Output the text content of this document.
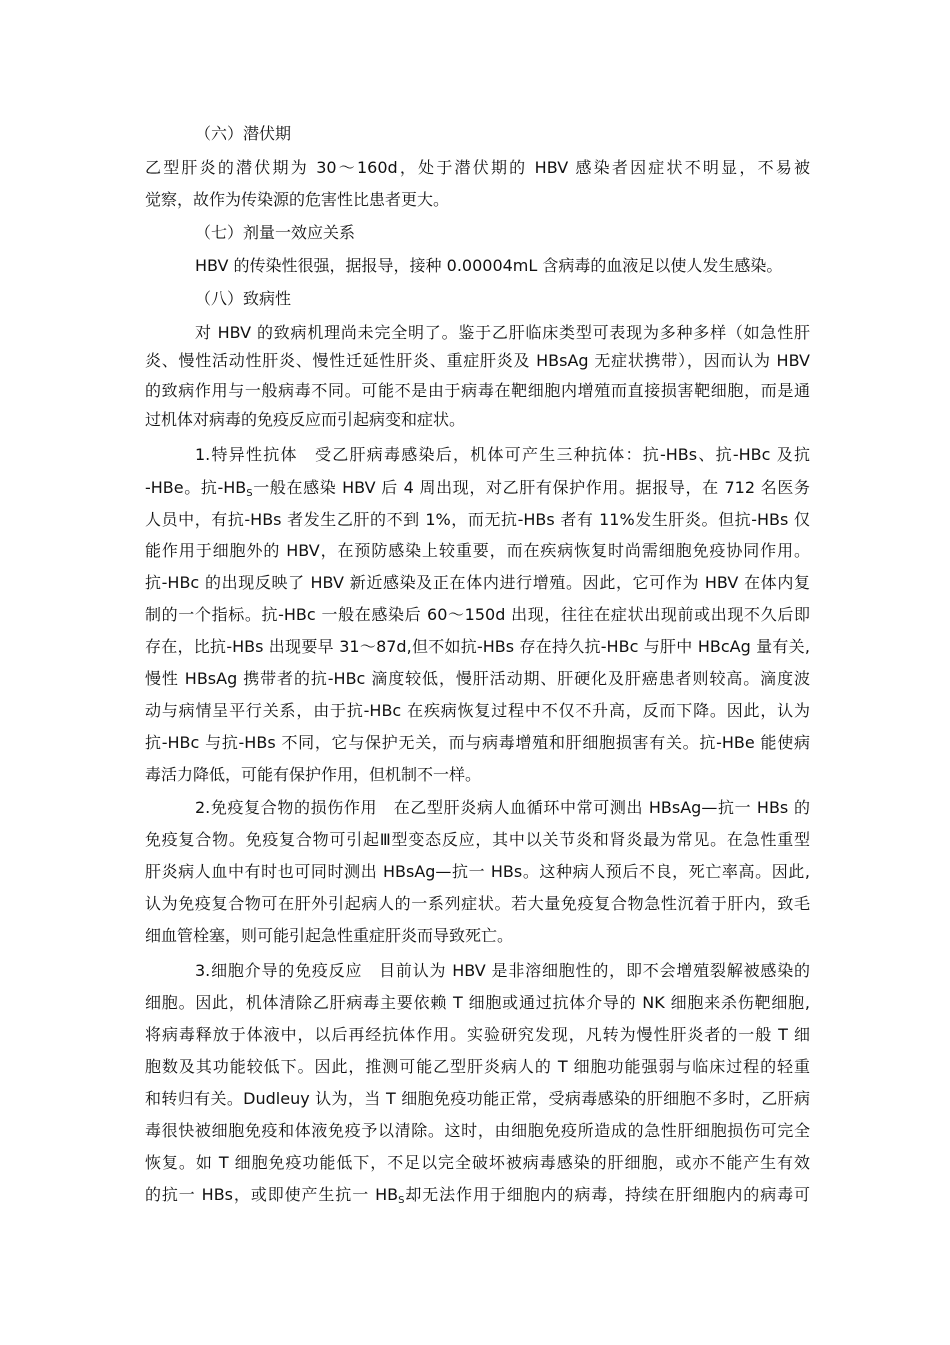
（六）潜伏期
乙型肝炎的潜伏期为 30～160d，处于潜伏期的 HBV 感染者因症状不明显，不易被
觉察，故作为传染源的危害性比患者更大。
（七）剂量一效应关系
HBV 的传染性很强，据报导，接种 0.00004mL 含病毒的血液足以使人发生感染。
（八）致病性
对 HBV 的致病机理尚未完全明了。鉴于乙肝临床类型可表现为多种多样（如急性肝
炎、慢性活动性肝炎、慢性迁延性肝炎、重症肝炎及 HBsAg 无症状携带），因而认为 HBV
的致病作用与一般病毒不同。可能不是由于病毒在靶细胞内增殖而直接损害靶细胞，而是通
过机体对病毒的免疫反应而引起病变和症状。
1.特异性抗体　受乙肝病毒感染后，机体可产生三种抗体：抗-HBs、抗-HBc 及抗
-HBe。抗$-HB_S$一般在感染 HBV 后 4 周出现，对乙肝有保护作用。据报导，在 712 名医务
人员中，有抗-HBs 者发生乙肝的不到 1%，而无抗-HBs 者有 11%发生肝炎。但抗-HBs 仅
能作用于细胞外的 HBV，在预防感染上较重要，而在疾病恢复时尚需细胞免疫协同作用。
抗-HBc 的出现反映了 HBV 新近感染及正在体内进行增殖。因此，它可作为 HBV 在体内复
制的一个指标。抗-HBc 一般在感染后 60～150d 出现，往往在症状出现前或出现不久后即
存在，比抗-HBs 出现要早 31～87d,但不如抗-HBs 存在持久抗-HBc 与肝中 HBcAg 量有关,
慢性 HBsAg 携带者的抗-HBc 滴度较低，慢肝活动期、肝硬化及肝癌患者则较高。滴度波
动与病情呈平行关系，由于抗-HBc 在疾病恢复过程中不仅不升高，反而下降。因此，认为
抗-HBc 与抗-HBs 不同，它与保护无关，而与病毒增殖和肝细胞损害有关。抗-HBe 能使病
毒活力降低，可能有保护作用，但机制不一样。
2.免疫复合物的损伤作用　在乙型肝炎病人血循环中常可测出 HBsAg—抗一 HBs 的
免疫复合物。免疫复合物可引起Ⅲ型变态反应，其中以关节炎和肾炎最为常见。在急性重型
肝炎病人血中有时也可同时测出 HBsAg—抗一 HBs。这种病人预后不良，死亡率高。因此,
认为免疫复合物可在肝外引起病人的一系列症状。若大量免疫复合物急性沉着于肝内，致毛
细血管栓塞，则可能引起急性重症肝炎而导致死亡。
3.细胞介导的免疫反应　目前认为 HBV 是非溶细胞性的，即不会增殖裂解被感染的
细胞。因此，机体清除乙肝病毒主要依赖 T 细胞或通过抗体介导的 NK 细胞来杀伤靶细胞,
将病毒释放于体液中，以后再经抗体作用。实验研究发现，凡转为慢性肝炎者的一般 T 细
胞数及其功能较低下。因此，推测可能乙型肝炎病人的 T 细胞功能强弱与临床过程的轻重
和转归有关。Dudleuy 认为，当 T 细胞免疫功能正常，受病毒感染的肝细胞不多时，乙肝病
毒很快被细胞免疫和体液免疫予以清除。这时，由细胞免疫所造成的急性肝细胞损伤可完全
恢复。如 T 细胞免疫功能低下，不足以完全破坏被病毒感染的肝细胞，或亦不能产生有效
的抗一 HBs，或即使产生抗一 $HB_S$却无法作用于细胞内的病毒，持续在肝细胞内的病毒可
